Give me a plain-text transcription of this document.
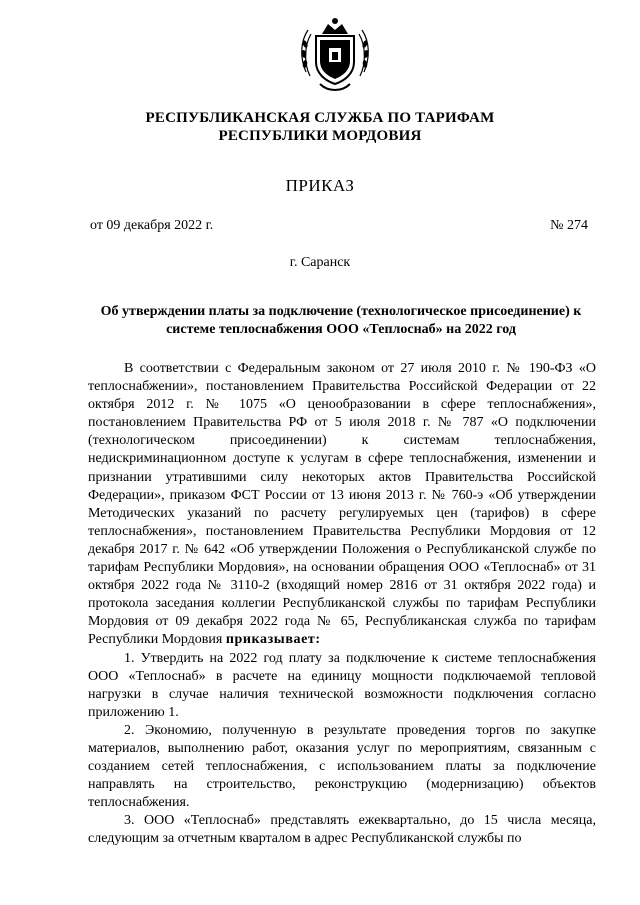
РЕСПУБЛИКАНСКАЯ СЛУЖБА ПО ТАРИФАМ
РЕСПУБЛИКИ МОРДОВИЯ
ПРИКАЗ
от 09 декабря 2022 г.	№ 274
г. Саранск
Об утверждении платы за подключение (технологическое присоединение) к системе теплоснабжения ООО «Теплоснаб» на 2022 год

В соответствии с Федеральным законом от 27 июля 2010 г. № 190-ФЗ «О теплоснабжении», постановлением Правительства Российской Федерации от 22 октября 2012 г. № 1075 «О ценообразовании в сфере теплоснабжения», постановлением Правительства РФ от 5 июля 2018 г. № 787 «О подключении (технологическом присоединении) к системам теплоснабжения, недискриминационном доступе к услугам в сфере теплоснабжения, изменении и признании утратившими силу некоторых актов Правительства Российской Федерации», приказом ФСТ России от 13 июня 2013 г. № 760-э «Об утверждении Методических указаний по расчету регулируемых цен (тарифов) в сфере теплоснабжения», постановлением Правительства Республики Мордовия от 12 декабря 2017 г. № 642 «Об утверждении Положения о Республиканской службе по тарифам Республики Мордовия», на основании обращения ООО «Теплоснаб» от 31 октября 2022 года № 3110-2 (входящий номер 2816 от 31 октября 2022 года) и протокола заседания коллегии Республиканской службы по тарифам Республики Мордовия от 09 декабря 2022 года № 65, Республиканская служба по тарифам Республики Мордовия приказывает:

1. Утвердить на 2022 год плату за подключение к системе теплоснабжения ООО «Теплоснаб» в расчете на единицу мощности подключаемой тепловой нагрузки в случае наличия технической возможности подключения согласно приложению 1.

2. Экономию, полученную в результате проведения торгов по закупке материалов, выполнению работ, оказания услуг по мероприятиям, связанным с созданием сетей теплоснабжения, с использованием платы за подключение направлять на строительство, реконструкцию (модернизацию) объектов теплоснабжения.

3. ООО «Теплоснаб» представлять ежеквартально, до 15 числа месяца, следующим за отчетным кварталом в адрес Республиканской службы по
